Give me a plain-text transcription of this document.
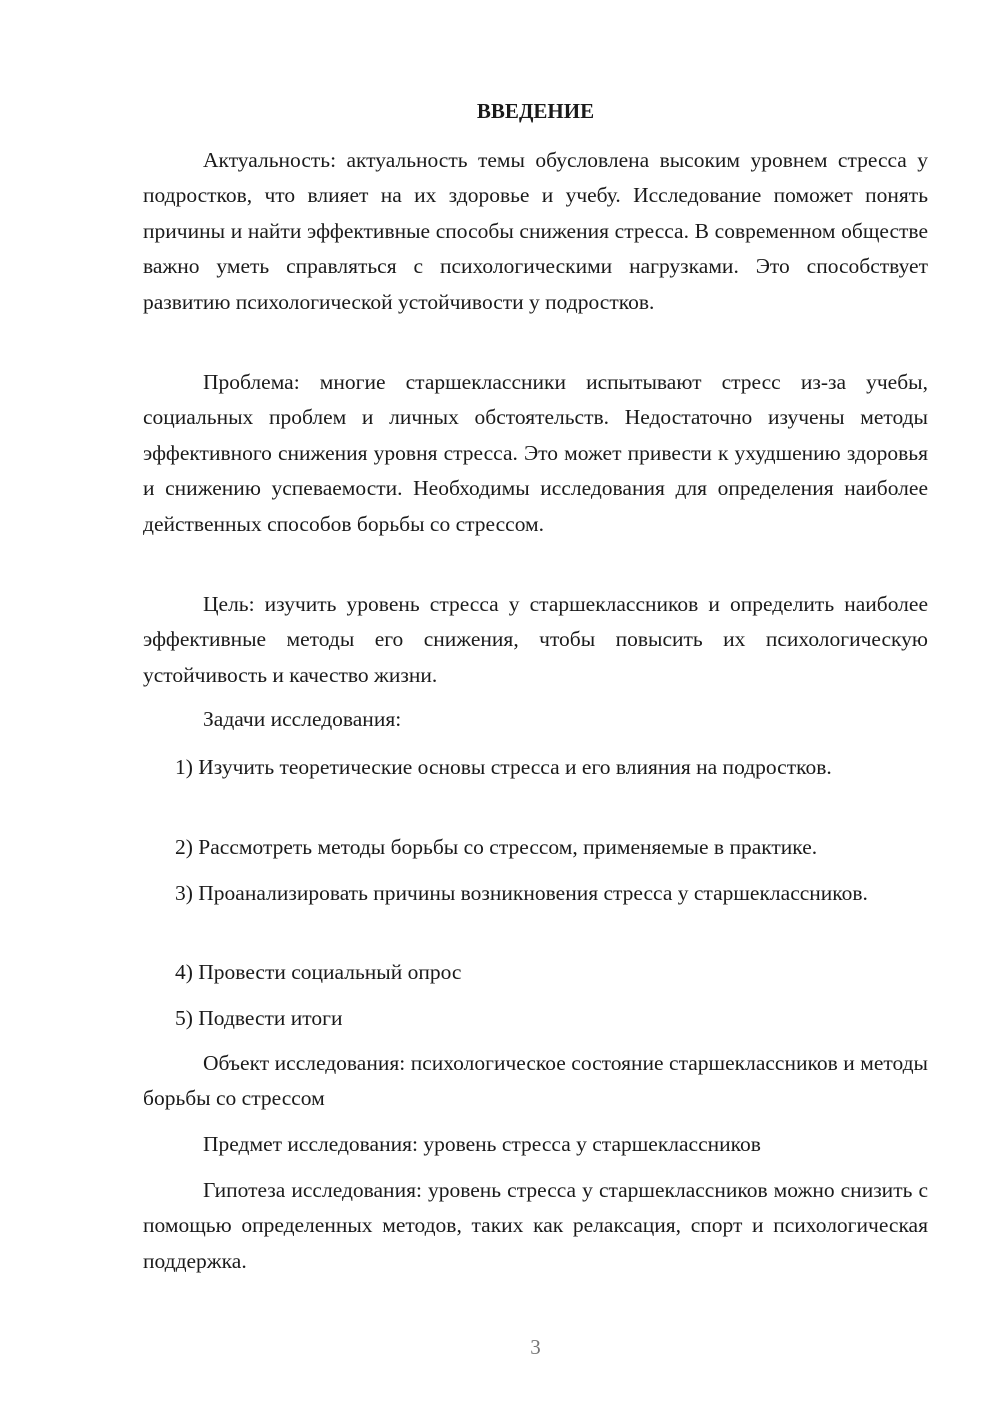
ВВЕДЕНИЕ

Актуальность: актуальность темы обусловлена высоким уровнем стресса у подростков, что влияет на их здоровье и учебу. Исследование поможет понять причины и найти эффективные способы снижения стресса. В современном обществе важно уметь справляться с психологическими нагрузками. Это способствует развитию психологической устойчивости у подростков.

Проблема: многие старшеклассники испытывают стресс из-за учебы, социальных проблем и личных обстоятельств. Недостаточно изучены методы эффективного снижения уровня стресса. Это может привести к ухудшению здоровья и снижению успеваемости. Необходимы исследования для определения наиболее действенных способов борьбы со стрессом.

Цель: изучить уровень стресса у старшеклассников и определить наиболее эффективные методы его снижения, чтобы повысить их психологическую устойчивость и качество жизни.

Задачи исследования:

1) Изучить теоретические основы стресса и его влияния на подростков.

2) Рассмотреть методы борьбы со стрессом, применяемые в практике.

3) Проанализировать причины возникновения стресса у старшеклассников.

4) Провести социальный опрос

5) Подвести итоги

Объект исследования: психологическое состояние старшеклассников и методы борьбы со стрессом

Предмет исследования: уровень стресса у старшеклассников

Гипотеза исследования: уровень стресса у старшеклассников можно снизить с помощью определенных методов, таких как релаксация, спорт и психологическая поддержка.

3
